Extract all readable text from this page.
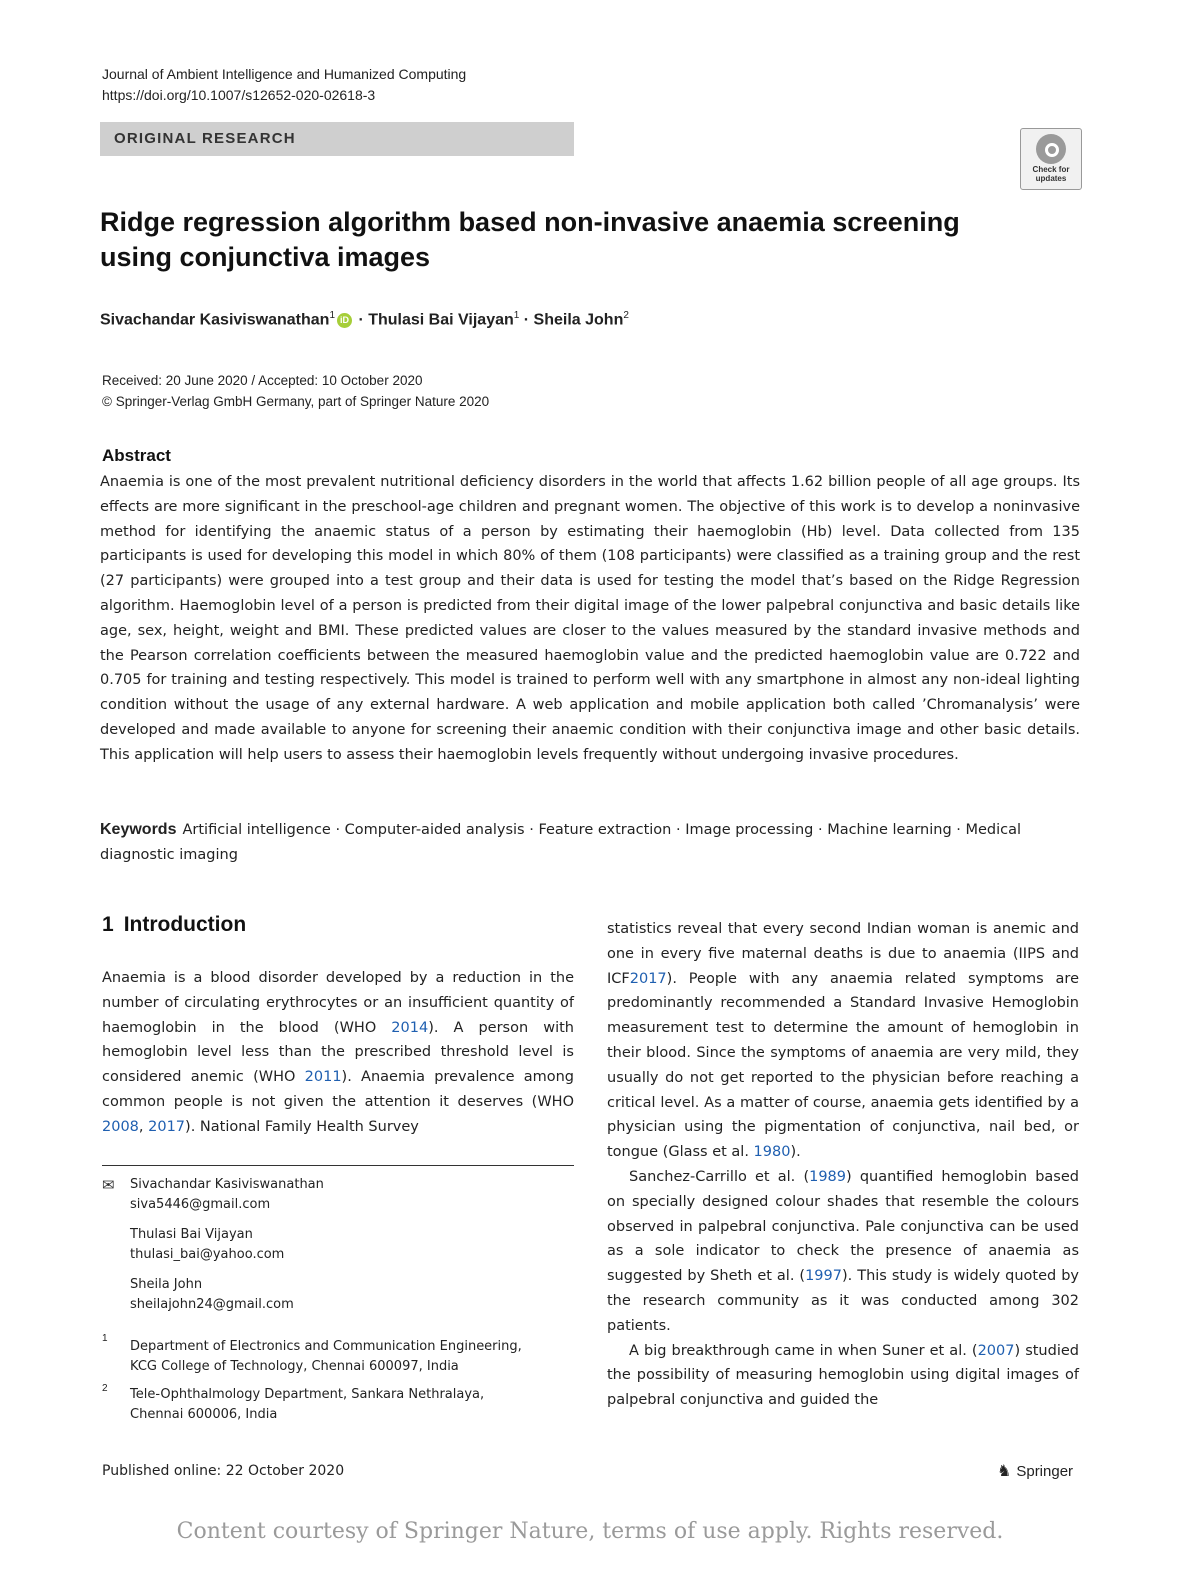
Journal of Ambient Intelligence and Humanized Computing
https://doi.org/10.1007/s12652-020-02618-3
ORIGINAL RESEARCH
Check for
updates
Ridge regression algorithm based non-invasive anaemia screening
using conjunctiva images
Sivachandar Kasiviswanathan$^1$ iD · Thulasi Bai Vijayan$^1$ · Sheila John$^2$
Received: 20 June 2020 / Accepted: 10 October 2020
© Springer-Verlag GmbH Germany, part of Springer Nature 2020
Abstract
Anaemia is one of the most prevalent nutritional deficiency disorders in the world that affects 1.62 billion people of all age groups. Its effects are more significant in the preschool-age children and pregnant women. The objective of this work is to develop a noninvasive method for identifying the anaemic status of a person by estimating their haemoglobin (Hb) level. Data collected from 135 participants is used for developing this model in which 80% of them (108 participants) were classified as a training group and the rest (27 participants) were grouped into a test group and their data is used for testing the model that’s based on the Ridge Regression algorithm. Haemoglobin level of a person is predicted from their digital image of the lower palpebral conjunctiva and basic details like age, sex, height, weight and BMI. These predicted values are closer to the values measured by the standard invasive methods and the Pearson correlation coefficients between the measured haemoglobin value and the predicted haemoglobin value are 0.722 and 0.705 for training and testing respectively. This model is trained to perform well with any smartphone in almost any non-ideal lighting condition without the usage of any external hardware. A web application and mobile application both called ’Chromanalysis’ were developed and made available to anyone for screening their anaemic condition with their conjunctiva image and other basic details. This application will help users to assess their haemoglobin levels frequently without undergoing invasive procedures.
Keywords Artificial intelligence · Computer-aided analysis · Feature extraction · Image processing · Machine learning · Medical diagnostic imaging
1 Introduction

Anaemia is a blood disorder developed by a reduction in the number of circulating erythrocytes or an insufficient quantity of haemoglobin in the blood (WHO 2014). A person with hemoglobin level less than the prescribed threshold level is considered anemic (WHO 2011). Anaemia prevalence among common people is not given the attention it deserves (WHO 2008, 2017). National Family Health Survey

statistics reveal that every second Indian woman is anemic and one in every five maternal deaths is due to anaemia (IIPS and ICF2017). People with any anaemia related symptoms are predominantly recommended a Standard Invasive Hemoglobin measurement test to determine the amount of hemoglobin in their blood. Since the symptoms of anaemia are very mild, they usually do not get reported to the physician before reaching a critical level. As a matter of course, anaemia gets identified by a physician using the pigmentation of conjunctiva, nail bed, or tongue (Glass et al. 1980).

Sanchez-Carrillo et al. (1989) quantified hemoglobin based on specially designed colour shades that resemble the colours observed in palpebral conjunctiva. Pale conjunctiva can be used as a sole indicator to check the presence of anaemia as suggested by Sheth et al. (1997). This study is widely quoted by the research community as it was conducted among 302 patients.

A big breakthrough came in when Suner et al. (2007) studied the possibility of measuring hemoglobin using digital images of palpebral conjunctiva and guided the

✉ Sivachandar Kasiviswanathan
siva5446@gmail.com
Thulasi Bai Vijayan
thulasi_bai@yahoo.com
Sheila John
sheilajohn24@gmail.com
1
Department of Electronics and Communication Engineering,
KCG College of Technology, Chennai 600097, India
2 Tele-Ophthalmology Department, Sankara Nethralaya,
Chennai 600006, India
Published online: 22 October 2020	♞ Springer
Content courtesy of Springer Nature, terms of use apply. Rights reserved.
